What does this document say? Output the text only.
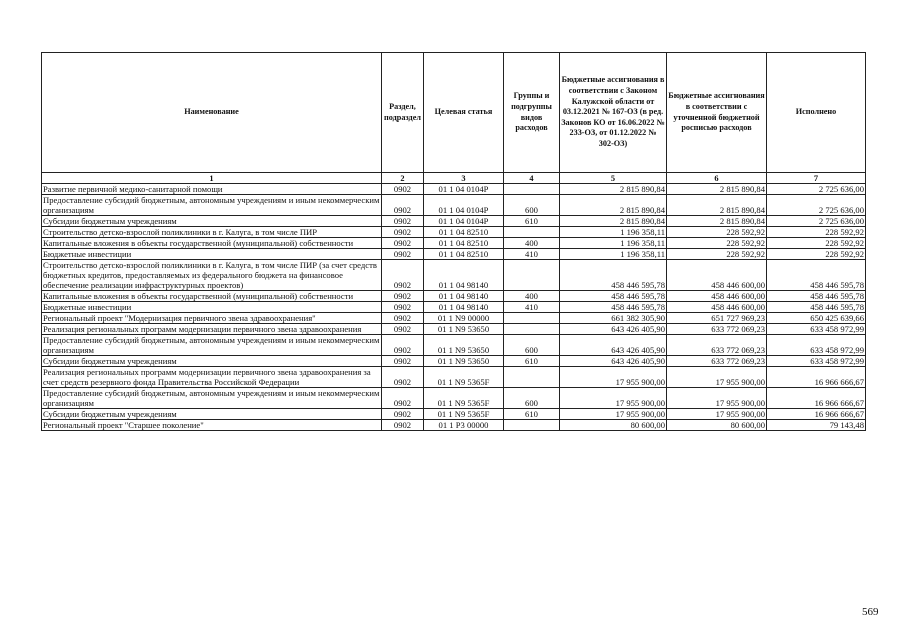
Наименование	Раздел, подраздел	Целевая статья	Группы и подгруппы видов расходов	Бюджетные ассигнования в соответствии с Законом Калужской области от 03.12.2021 № 167-ОЗ (в ред. Законов КО от 16.06.2022 № 233-ОЗ, от 01.12.2022 № 302-ОЗ)	Бюджетные ассигнования в соответствии с уточненной бюджетной росписью расходов	Исполнено
1	2	3	4	5	6	7
Развитие первичной медико-санитарной помощи	0902	01 1 04 0104Р		2 815 890,84	2 815 890,84	2 725 636,00
Предоставление субсидий бюджетным, автономным учреждениям и иным некоммерческим организациям	0902	01 1 04 0104Р	600	2 815 890,84	2 815 890,84	2 725 636,00
Субсидии бюджетным учреждениям	0902	01 1 04 0104Р	610	2 815 890,84	2 815 890,84	2 725 636,00
Строительство детско-взрослой поликлиники в г. Калуга, в том числе ПИР	0902	01 1 04 82510		1 196 358,11	228 592,92	228 592,92
Капитальные вложения в объекты государственной (муниципальной) собственности	0902	01 1 04 82510	400	1 196 358,11	228 592,92	228 592,92
Бюджетные инвестиции	0902	01 1 04 82510	410	1 196 358,11	228 592,92	228 592,92
Строительство детско-взрослой поликлиники в г. Калуга, в том числе ПИР (за счет средств бюджетных кредитов, предоставляемых из федерального бюджета на финансовое обеспечение реализации инфраструктурных проектов)	0902	01 1 04 98140		458 446 595,78	458 446 600,00	458 446 595,78
Капитальные вложения в объекты государственной (муниципальной) собственности	0902	01 1 04 98140	400	458 446 595,78	458 446 600,00	458 446 595,78
Бюджетные инвестиции	0902	01 1 04 98140	410	458 446 595,78	458 446 600,00	458 446 595,78
Региональный проект "Модернизация первичного звена здравоохранения"	0902	01 1 N9 00000		661 382 305,90	651 727 969,23	650 425 639,66
Реализация региональных программ модернизации первичного звена здравоохранения	0902	01 1 N9 53650		643 426 405,90	633 772 069,23	633 458 972,99
Предоставление субсидий бюджетным, автономным учреждениям и иным некоммерческим организациям	0902	01 1 N9 53650	600	643 426 405,90	633 772 069,23	633 458 972,99
Субсидии бюджетным учреждениям	0902	01 1 N9 53650	610	643 426 405,90	633 772 069,23	633 458 972,99
Реализация региональных программ модернизации первичного звена здравоохранения за счет средств резервного фонда Правительства Российской Федерации	0902	01 1 N9 5365F		17 955 900,00	17 955 900,00	16 966 666,67
Предоставление субсидий бюджетным, автономным учреждениям и иным некоммерческим организациям	0902	01 1 N9 5365F	600	17 955 900,00	17 955 900,00	16 966 666,67
Субсидии бюджетным учреждениям	0902	01 1 N9 5365F	610	17 955 900,00	17 955 900,00	16 966 666,67
Региональный проект "Старшее поколение"	0902	01 1 P3 00000		80 600,00	80 600,00	79 143,48
569
